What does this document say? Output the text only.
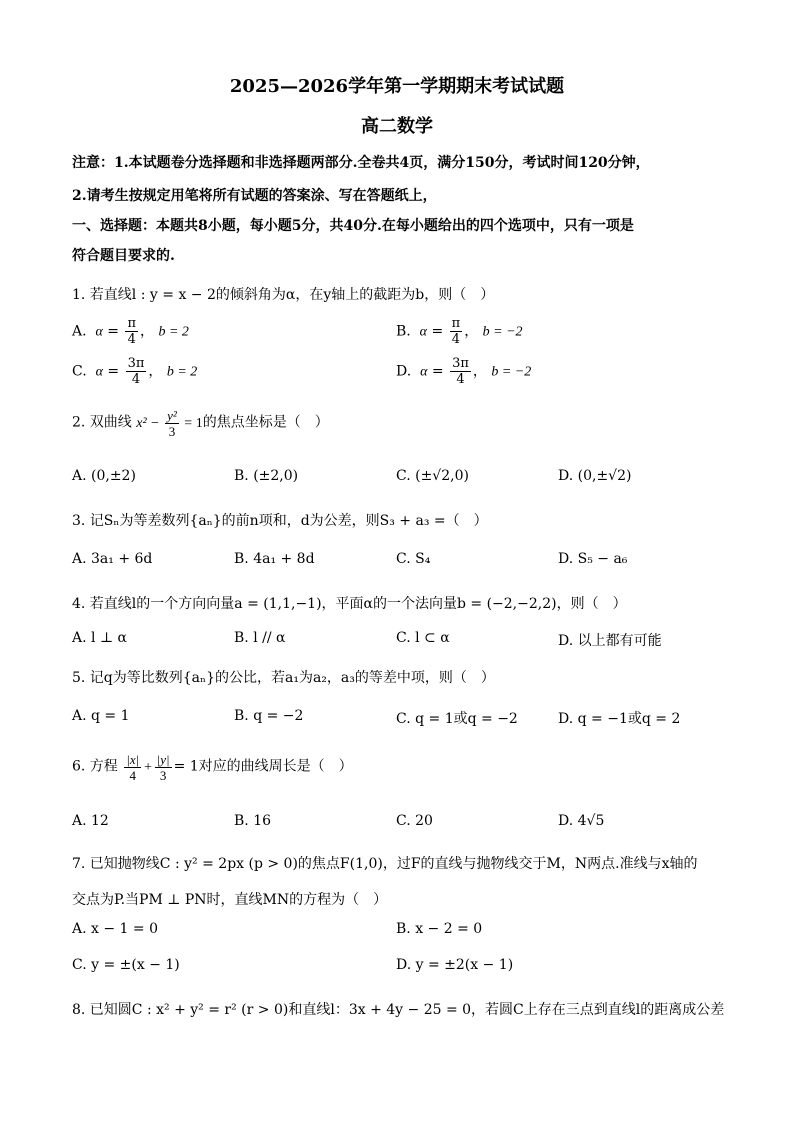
2025—2026学年第一学期期末考试试题
高二数学
注意：1.本试题卷分选择题和非选择题两部分.全卷共4页，满分150分，考试时间120分钟，
2.请考生按规定用笔将所有试题的答案涂、写在答题纸上，
一、选择题：本题共8小题，每小题5分，共40分.在每小题给出的四个选项中，只有一项是
符合题目要求的.
1. 若直线l : y = x − 2的倾斜角为α，在y轴上的截距为b，则（　）
A. $\alpha = \frac{\pi}{4}$ ， b = 2	B. $\alpha = \frac{\pi}{4}$ ， b = −2
C. $\alpha = \frac{3\pi}{4}$ ， b = 2	D. $\alpha = \frac{3\pi}{4}$ ， b = −2
2. 双曲线 $x^2 - \frac{\text{y²}}{3} = 1$的焦点坐标是（　）
A. (0,±2)	B. (±2,0)	C. (±√2,0)	D. (0,±√2)
3. 记Sₙ为等差数列{aₙ}的前n项和，d为公差，则S₃ + a₃ =（　）
A. 3a₁ + 6d	B. 4a₁ + 8d	C. S₄	D. S₅ − a₆
4. 若直线l的一个方向向量a = (1,1,−1)，平面α的一个法向量b = (−2,−2,2)，则（　）
A. l ⊥ α	B. l // α	C. l ⊂ α	D. 以上都有可能
5. 记q为等比数列{aₙ}的公比，若a₁为a₂，a₃的等差中项，则（　）
A. q = 1	B. q = −2	C. q = 1或q = −2	D. q = −1或q = 2
6. 方程 $\frac{|x|}{4} + \frac{|y|}{3} = 1$对应的曲线周长是（　）
A. 12	B. 16	C. 20	D. 4√5
7. 已知抛物线C : y² = 2px (p > 0)的焦点F(1,0)，过F的直线与抛物线交于M，N两点.准线与x轴的
交点为P.当PM ⊥ PN时，直线MN的方程为（　）
A. x − 1 = 0	B. x − 2 = 0
C. y = ±(x − 1)	D. y = ±2(x − 1)
8. 已知圆C : x² + y² = r² (r > 0)和直线l：3x + 4y − 25 = 0，若圆C上存在三点到直线l的距离成公差
